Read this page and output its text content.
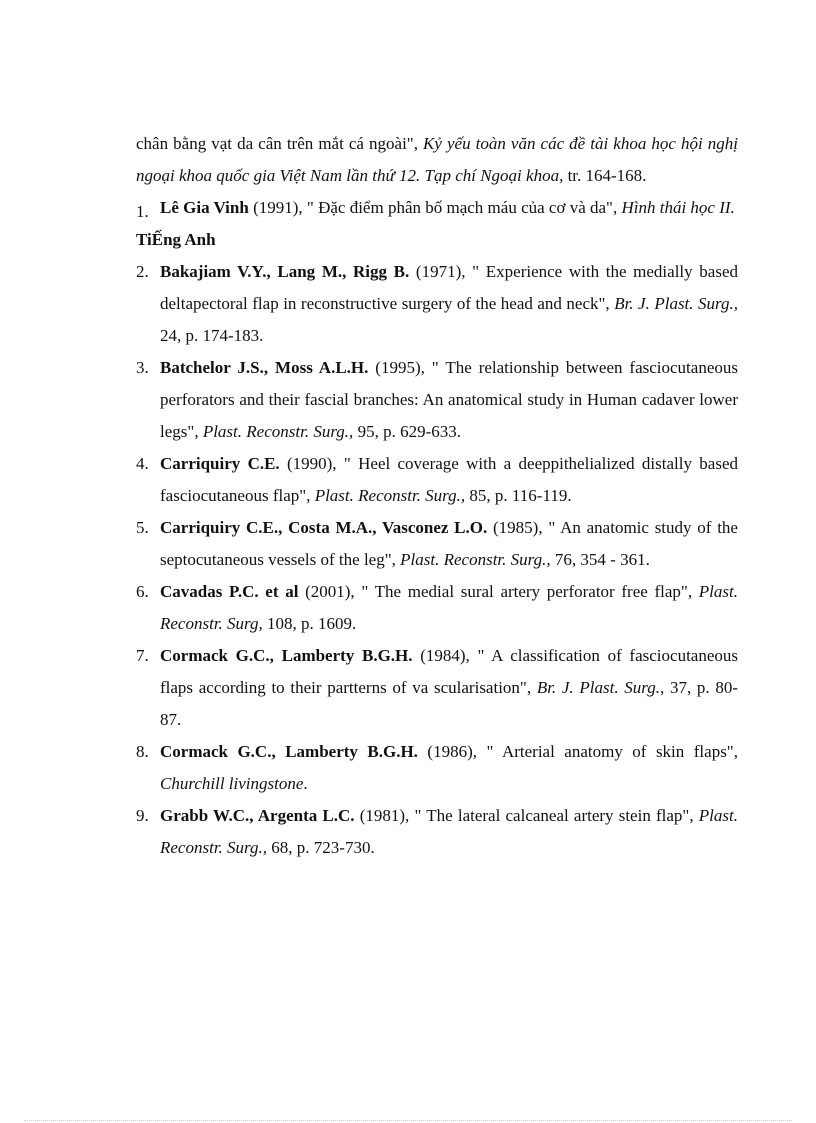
chân bằng vạt da cân trên mắt cá ngoài", Kỷ yếu toàn văn các đề tài khoa học hội nghị ngoại khoa quốc gia Việt Nam lần thứ 12. Tạp chí Ngoại khoa, tr. 164-168.

1. Lê Gia Vinh (1991), " Đặc điểm phân bố mạch máu của cơ và da", Hình thái học II.

TiẾng Anh

2. Bakajiam V.Y., Lang M., Rigg B. (1971), " Experience with the medially based deltapectoral flap in reconstructive surgery of the head and neck", Br. J. Plast. Surg., 24, p. 174-183.
3. Batchelor J.S., Moss A.L.H. (1995), " The relationship between fasciocutaneous perforators and their fascial branches: An anatomical study in Human cadaver lower legs", Plast. Reconstr. Surg., 95, p. 629-633.
4. Carriquiry C.E. (1990), " Heel coverage with a deeppithelialized distally based fasciocutaneous flap", Plast. Reconstr. Surg., 85, p. 116-119.
5. Carriquiry C.E., Costa M.A., Vasconez L.O. (1985), " An anatomic study of the septocutaneous vessels of the leg", Plast. Reconstr. Surg., 76, 354 - 361.
6. Cavadas P.C. et al (2001), " The medial sural artery perforator free flap", Plast. Reconstr. Surg, 108, p. 1609.
7. Cormack G.C., Lamberty B.G.H. (1984), " A classification of fasciocutaneous flaps according to their partterns of va scularisation", Br. J. Plast. Surg., 37, p. 80-87.
8. Cormack G.C., Lamberty B.G.H. (1986), " Arterial anatomy of skin flaps", Churchill livingstone.
9. Grabb W.C., Argenta L.C. (1981), " The lateral calcaneal artery stein flap", Plast. Reconstr. Surg., 68, p. 723-730.
